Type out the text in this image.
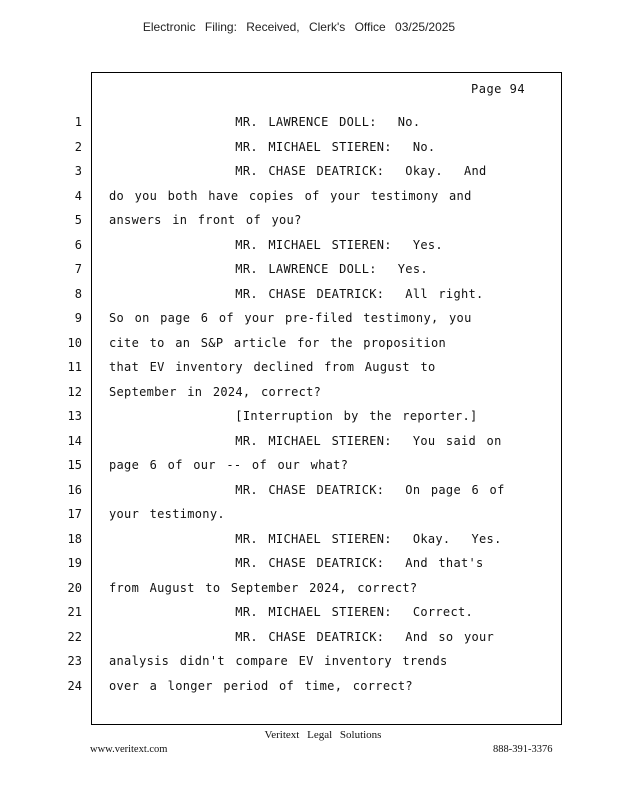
Electronic Filing: Received, Clerk's Office 03/25/2025
Page 94
1 MR. LAWRENCE DOLL:  No.
2 MR. MICHAEL STIEREN:  No.
3 MR. CHASE DEATRICK:  Okay.  And
4 do you both have copies of your testimony and
5 answers in front of you?
6 MR. MICHAEL STIEREN:  Yes.
7 MR. LAWRENCE DOLL:  Yes.
8 MR. CHASE DEATRICK:  All right.
9 So on page 6 of your pre-filed testimony, you
10 cite to an S&P article for the proposition
11 that EV inventory declined from August to
12 September in 2024, correct?
13 [Interruption by the reporter.]
14 MR. MICHAEL STIEREN:  You said on
15 page 6 of our -- of our what?
16 MR. CHASE DEATRICK:  On page 6 of
17 your testimony.
18 MR. MICHAEL STIEREN:  Okay.  Yes.
19 MR. CHASE DEATRICK:  And that's
20 from August to September 2024, correct?
21 MR. MICHAEL STIEREN:  Correct.
22 MR. CHASE DEATRICK:  And so your
23 analysis didn't compare EV inventory trends
24 over a longer period of time, correct?
Veritext Legal Solutions
www.veritext.com	888-391-3376
